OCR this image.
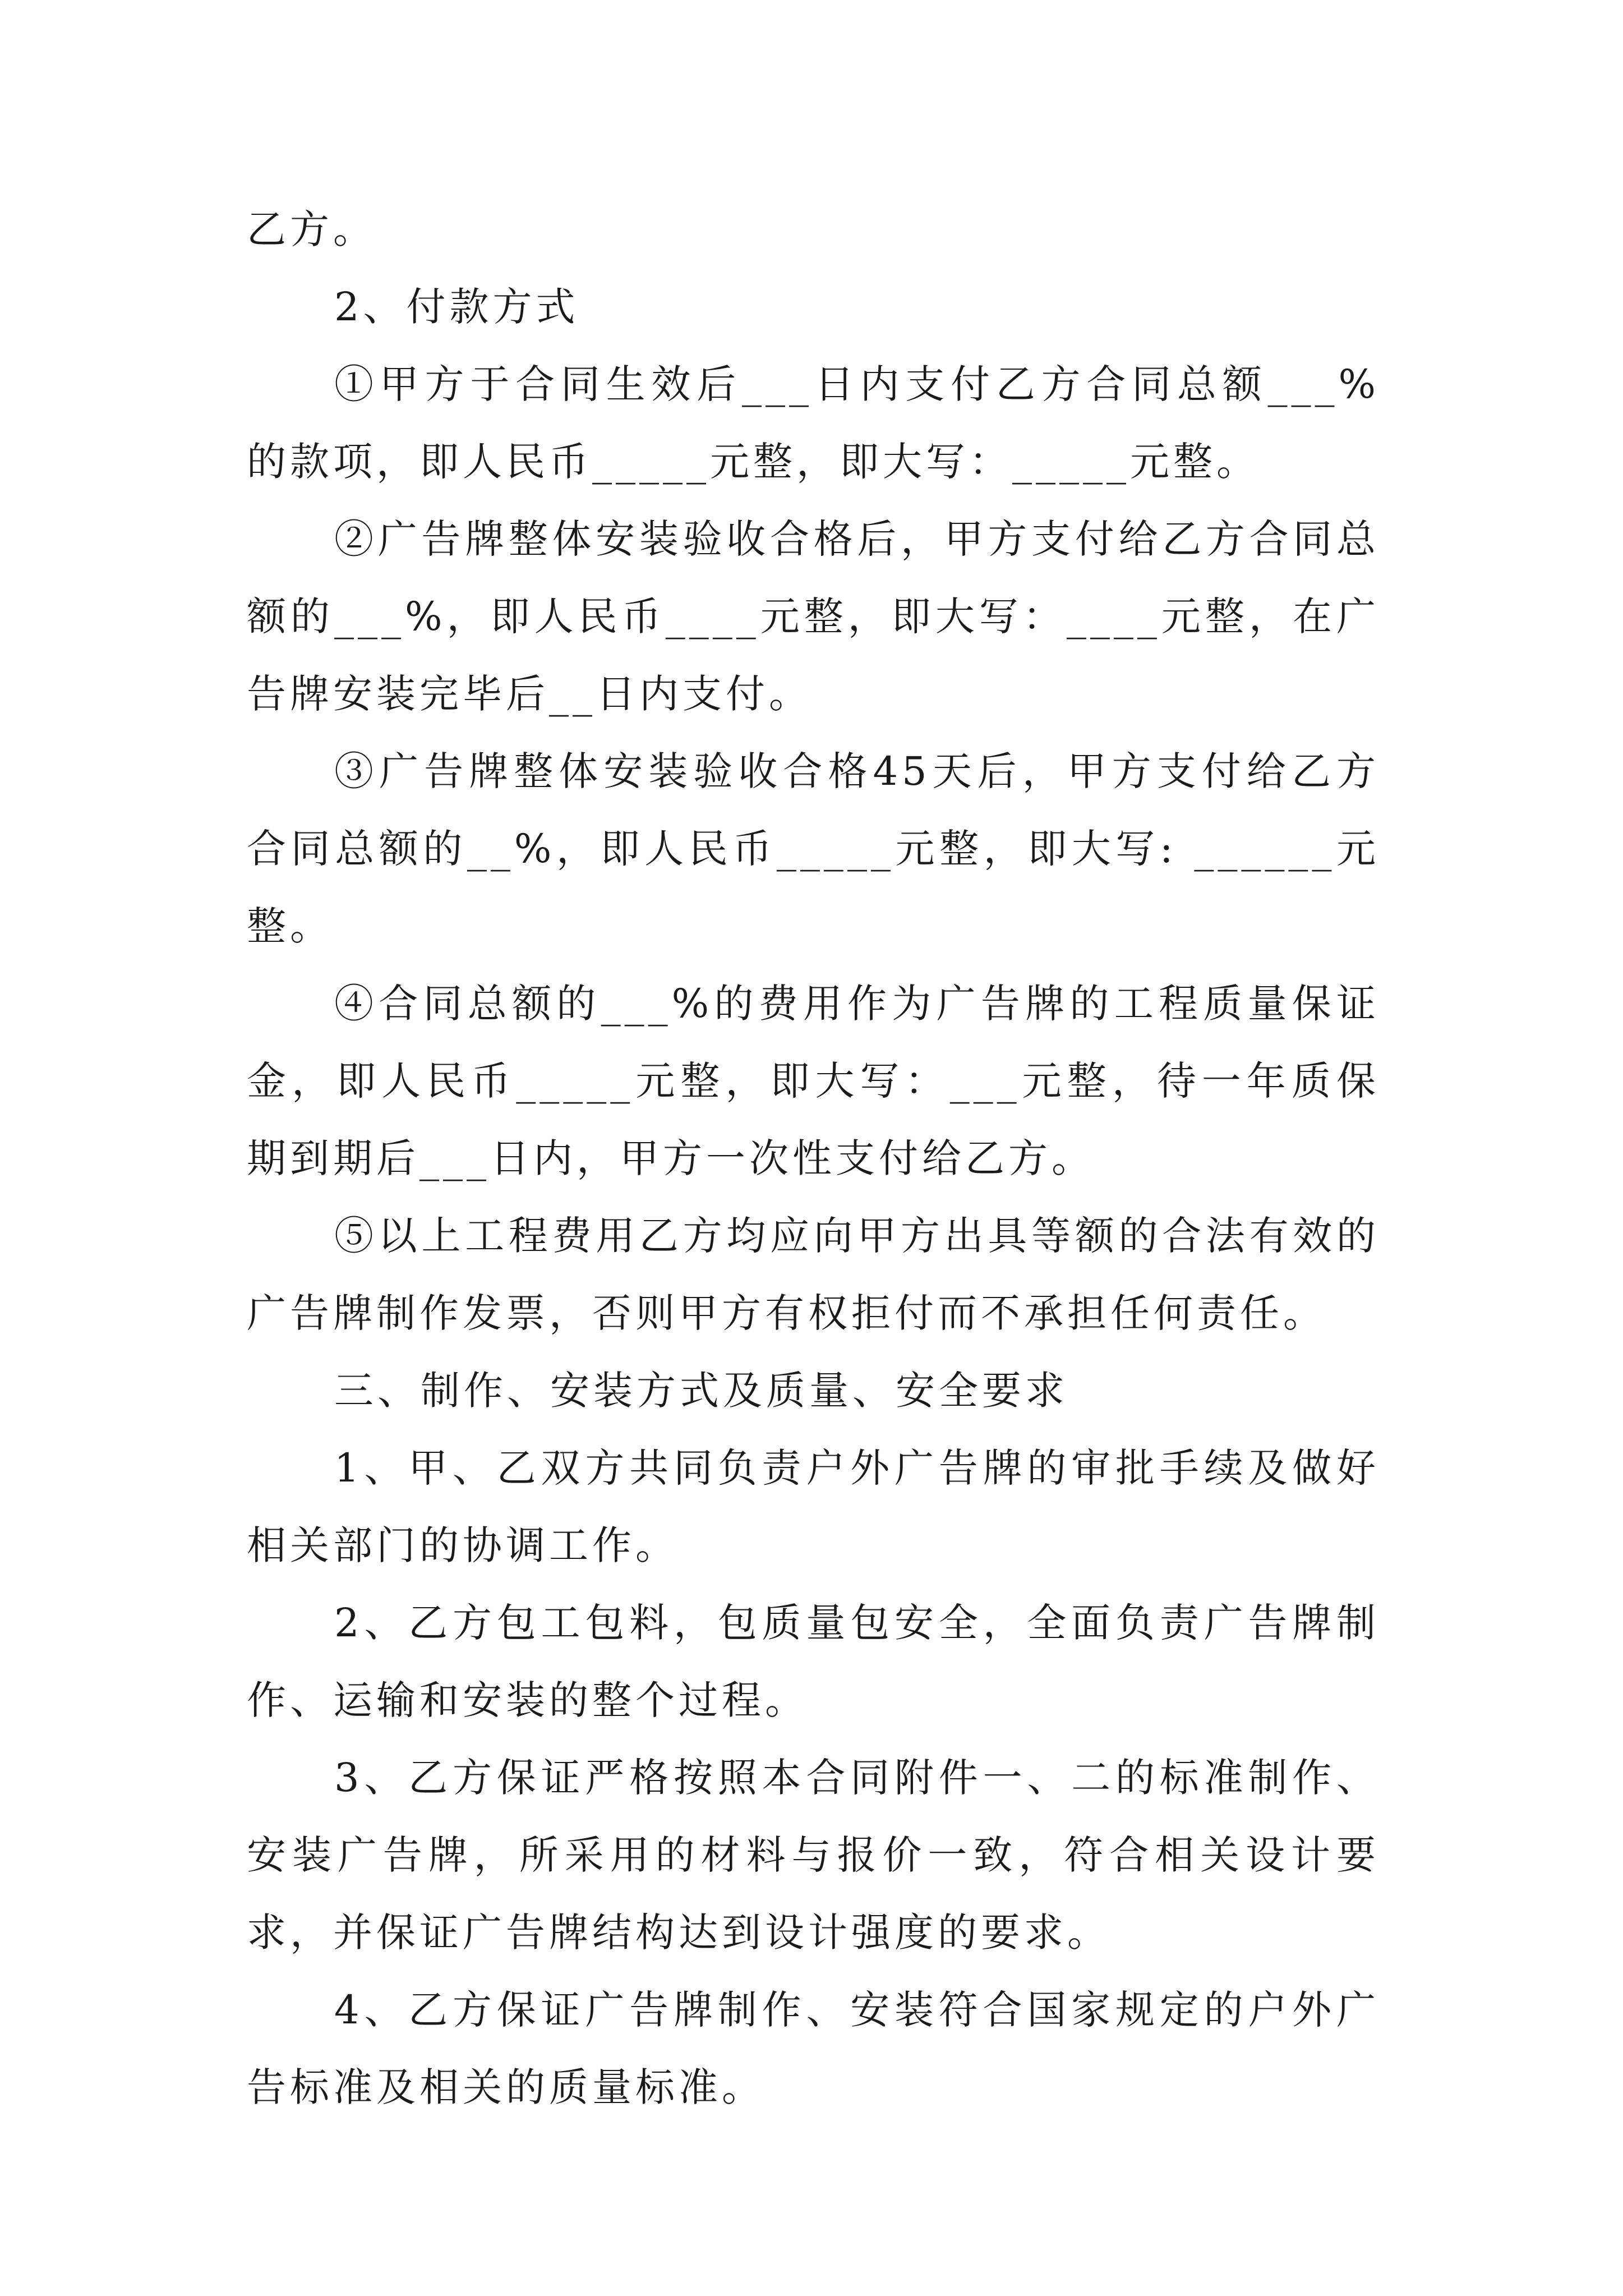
乙方。

2、付款方式

①甲方于合同生效后___日内支付乙方合同总额___%的款项，即人民币_____元整，即大写：_____元整。

②广告牌整体安装验收合格后，甲方支付给乙方合同总额的___%，即人民币____元整，即大写：____元整，在广告牌安装完毕后__日内支付。

③广告牌整体安装验收合格45天后，甲方支付给乙方合同总额的__%，即人民币_____元整，即大写: ______元整。

④合同总额的___%的费用作为广告牌的工程质量保证金，即人民币_____元整，即大写：___元整，待一年质保期到期后___日内，甲方一次性支付给乙方。

⑤以上工程费用乙方均应向甲方出具等额的合法有效的广告牌制作发票，否则甲方有权拒付而不承担任何责任。

三、制作、安装方式及质量、安全要求

1、甲、乙双方共同负责户外广告牌的审批手续及做好相关部门的协调工作。

2、乙方包工包料，包质量包安全，全面负责广告牌制作、运输和安装的整个过程。

3、乙方保证严格按照本合同附件一、二的标准制作、安装广告牌，所采用的材料与报价一致，符合相关设计要求，并保证广告牌结构达到设计强度的要求。

4、乙方保证广告牌制作、安装符合国家规定的户外广告标准及相关的质量标准。
